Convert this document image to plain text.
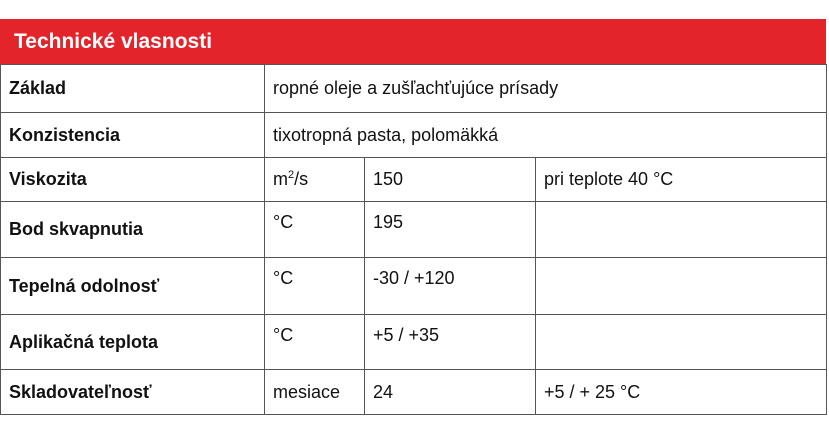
Technické vlasnosti
Základ	ropné oleje a zušľachťujúce prísady		
Konzistencia	tixotropná pasta, polomäkká		
Viskozita	$m^2/s$	150	pri teplote 40 °C
Bod skvapnutia	°C	195	
Tepelná odolnosť	°C	-30 / +120	
Aplikačná teplota	°C	+5 / +35	
Skladovateľnosť	mesiace	24	+5 / + 25 °C
